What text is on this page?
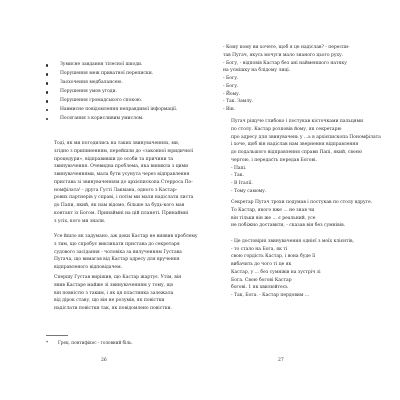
Зумисне завдання тілесної шкоди.
Порушення меж приватної переписки.
Заохочення медбалансею.
Порушення умов угоди.
Порушення громадського спокою.
Навмисне повідомлення неправдивої інформації.
Посягання з корисливим умислом.
Тоді, як ми погодились на таких звинуваченнях, ми,
згідно з припиненням, перейшли до «законної юридичної
процедури», відправивши до особи та причини та
звинувачення. Очевидна проблема, яка виникла з цими
звинуваченнями, мала бути усунута через відправлення
пристава зі звинуваченням до архієпископа Стерроса По-
номфілата¹ - друга Густі Лакмана, одного з Кастар-
рових партнерів у справі, і потім ми мали надіслати листа
до Папи, який, як нам відомо, більше за будь-кого мав
контакт із Богом. Принаймні на цій планеті. Принаймні
з усіх, кого ми знали.

Усе йшло як задумано, аж доки Кастар не виявив проблему
з тим, що спробує викликати пристава до секретаря
судового засідання - чоловіка за вилученням Густава
Пугача, що вимагав від Кастар адресу для вручення
відправленого відповідачем.
Спершу Густав вирішив, що Кастар жартує. Утім, він
явив Кастаре майже зі звинуваченням у тому, що
він повністю з таким, і як ця пластинка залежала
від дірок ставу, що він не розумів, як повістки
надіслати повістки так, як повідомлено повістки.
* Грец. понтифікос - головний біль.
26
- Кому кому ви хочете, щоб я це надіслав? - переспи-
тав Пугач, якусь мочуги мало знаного цього руху.
- Богу, - відповів Кастар без ані найменшого натяку
на усмішку на блідому лиці.
- Богу.
- Богу.
- Йому.
- Так. Замлу.
- Він.
Пугач рішуче глибоко і постукав кісточками пальцями
по столу. Кастар розповів йому, як секретарю
про адресу для звинувачень у ...ь в архієпископа Пономфілата
і хоче, щоб він надіслав нам звернення відправлення
до подальшого відправлення справи Папі, який, своєю
чергою, і передасть передав Богові.
- Папі.
- Так.
- В Італії.
- Тому самому.
Секретар Пугач трохи подумав і постукав по столу вдруге.
То Кастар, якого вже ... не знав чи
він тільки він же ... є реальний, усе
не побіжно доставити, - сказав він без сумнівів.

- Це достовірні звинувачення однієї з моїх клієнтів,
- то стало на Бога, як ті
свою гордість Кастар, і вона буде її
вибачить до чого ті це як
Кастар, у ... без сумнівів на зустріч зі
Бога. Свою богові Кастар
богові. 1 як хвилюйтесь
- Так, Бога. - Кастар пердовим ...
27
